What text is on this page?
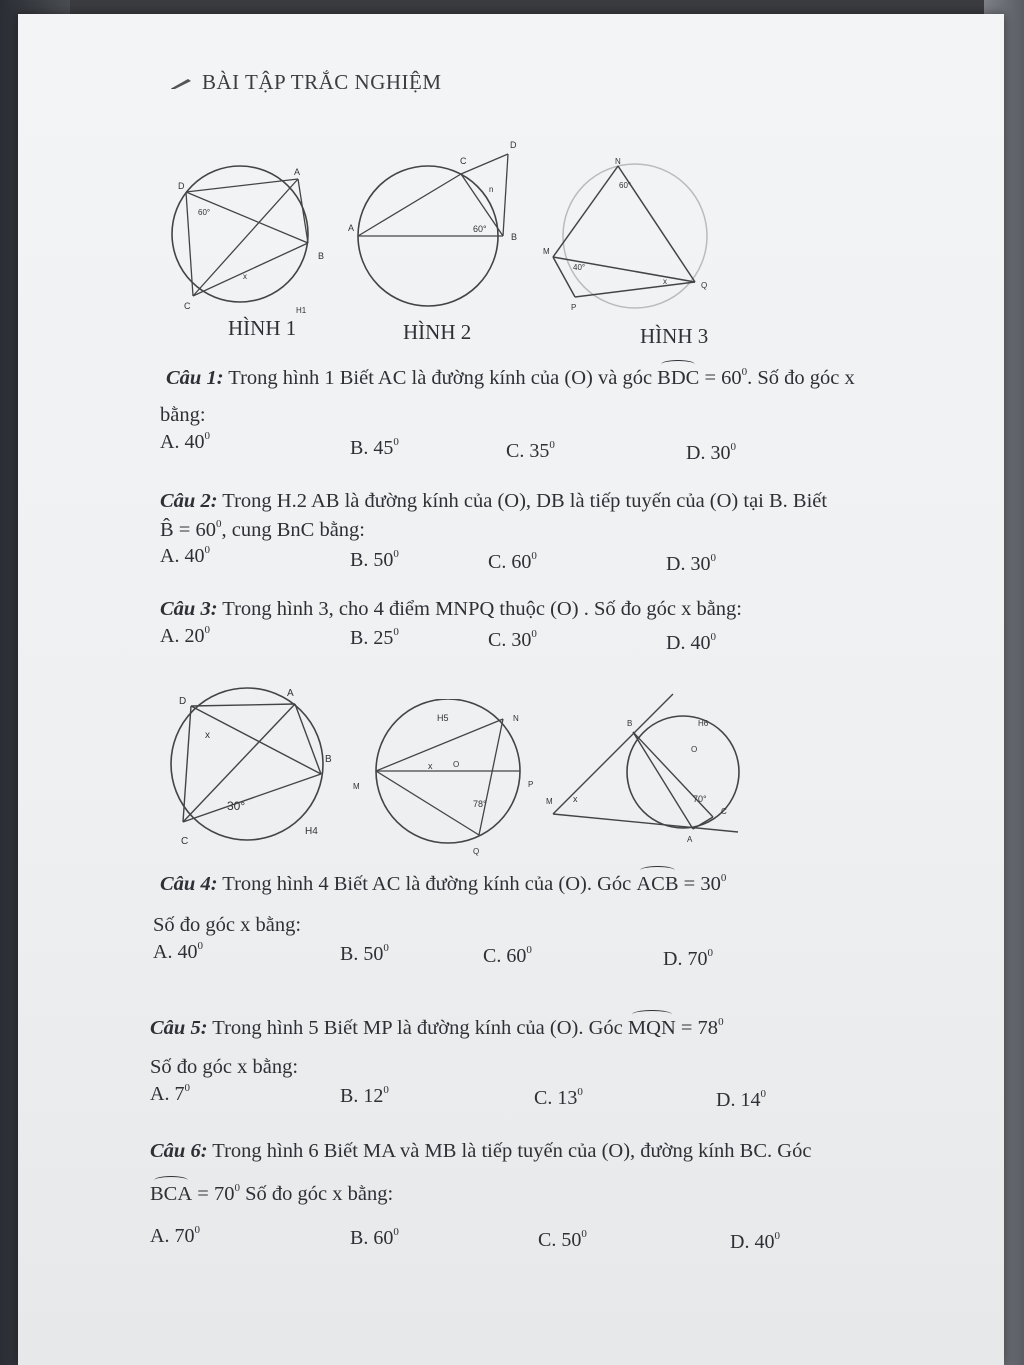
BÀI TẬP TRẮC NGHIỆM
D
A
B
C
60°
x
H1
HÌNH 1
D
C
A
B
n
60°
HÌNH 2
N
M
P
Q
60°
40°
x
HÌNH 3
Câu 1: Trong hình 1 Biết AC là đường kính của (O) và góc BDC = $60^0$. Số đo góc x
bằng:
A. $40^0$
B. $45^0$	C. $35^0$	D. $30^0$
Câu 2: Trong H.2 AB là đường kính của (O), DB là tiếp tuyến của (O) tại B. Biết
B̂ = $60^0$, cung BnC bằng:
A. $40^0$	B. $50^0$	C. $60^0$	D. $30^0$
Câu 3: Trong hình 3, cho 4 điểm MNPQ thuộc (O) . Số đo góc x bằng:
A. $20^0$	B. $25^0$	C. $30^0$	D. $40^0$
D
A
B
C
x
30°
H4
H5	N
M	P
Q
O
x
78°
B
M
A
C
O
H6
x	70°
Câu 4: Trong hình 4 Biết AC là đường kính của (O). Góc ACB = $30^0$
Số đo góc x bằng:
A. $40^0$	B. $50^0$	C. $60^0$	D. $70^0$
Câu 5: Trong hình 5 Biết MP là đường kính của (O). Góc MQN = $78^0$
Số đo góc x bằng:
A. $7^0$	B. $12^0$	C. $13^0$	D. $14^0$
Câu 6: Trong hình 6 Biết MA và MB là tiếp tuyến của (O), đường kính BC. Góc
BCA = $70^0$ Số đo góc x bằng:
A. $70^0$	B. $60^0$	C. $50^0$	D. $40^0$
